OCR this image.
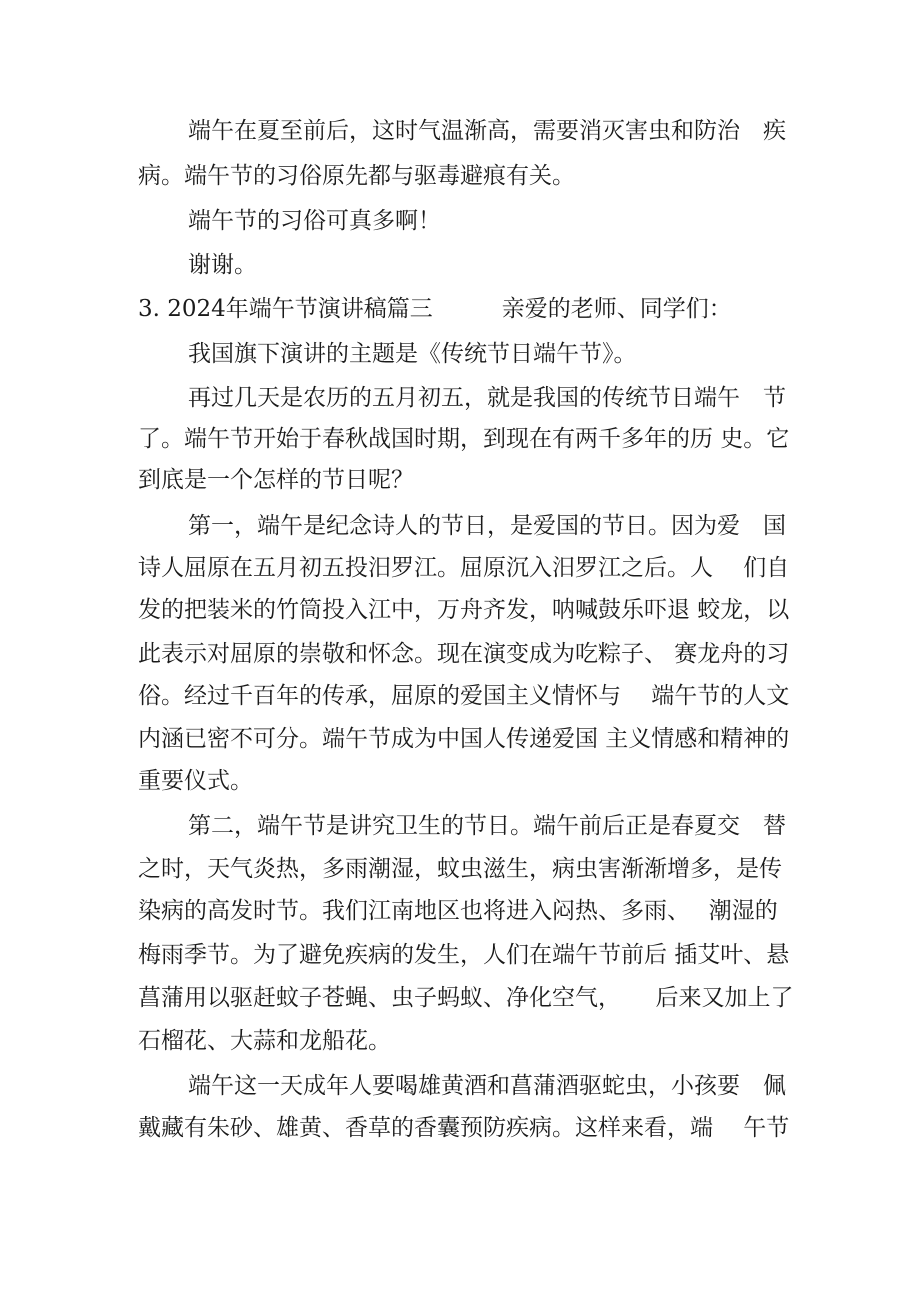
端午在夏至前后，这时气温渐高，需要消灭害虫和防治　疾

病。端午节的习俗原先都与驱毒避痕有关。

端午节的习俗可真多啊！

谢谢。

3. 2024年端午节演讲稿篇三　　　亲爱的老师、同学们：

我国旗下演讲的主题是《传统节日端午节》。

再过几天是农历的五月初五，就是我国的传统节日端午　节

了。端午节开始于春秋战国时期，到现在有两千多年的历 史。它

到底是一个怎样的节日呢？

第一，端午是纪念诗人的节日，是爱国的节日。因为爱　国

诗人屈原在五月初五投汨罗江。屈原沉入汨罗江之后。人　 们自

发的把装米的竹筒投入江中，万舟齐发，呐喊鼓乐吓退 蛟龙，以

此表示对屈原的崇敬和怀念。现在演变成为吃粽子、 赛龙舟的习

俗。经过千百年的传承，屈原的爱国主义情怀与　 端午节的人文

内涵已密不可分。端午节成为中国人传递爱国 主义情感和精神的

重要仪式。

第二，端午节是讲究卫生的节日。端午前后正是春夏交　替

之时，天气炎热，多雨潮湿，蚊虫滋生，病虫害渐渐增多，是传

染病的高发时节。我们江南地区也将进入闷热、多雨、　 潮湿的

梅雨季节。为了避免疾病的发生，人们在端午节前后 插艾叶、悬

菖蒲用以驱赶蚊子苍蝇、虫子蚂蚁、净化空气，　　后来又加上了

石榴花、大蒜和龙船花。

端午这一天成年人要喝雄黄酒和菖蒲酒驱蛇虫，小孩要　佩

戴藏有朱砂、雄黄、香草的香囊预防疾病。这样来看，端　 午节
